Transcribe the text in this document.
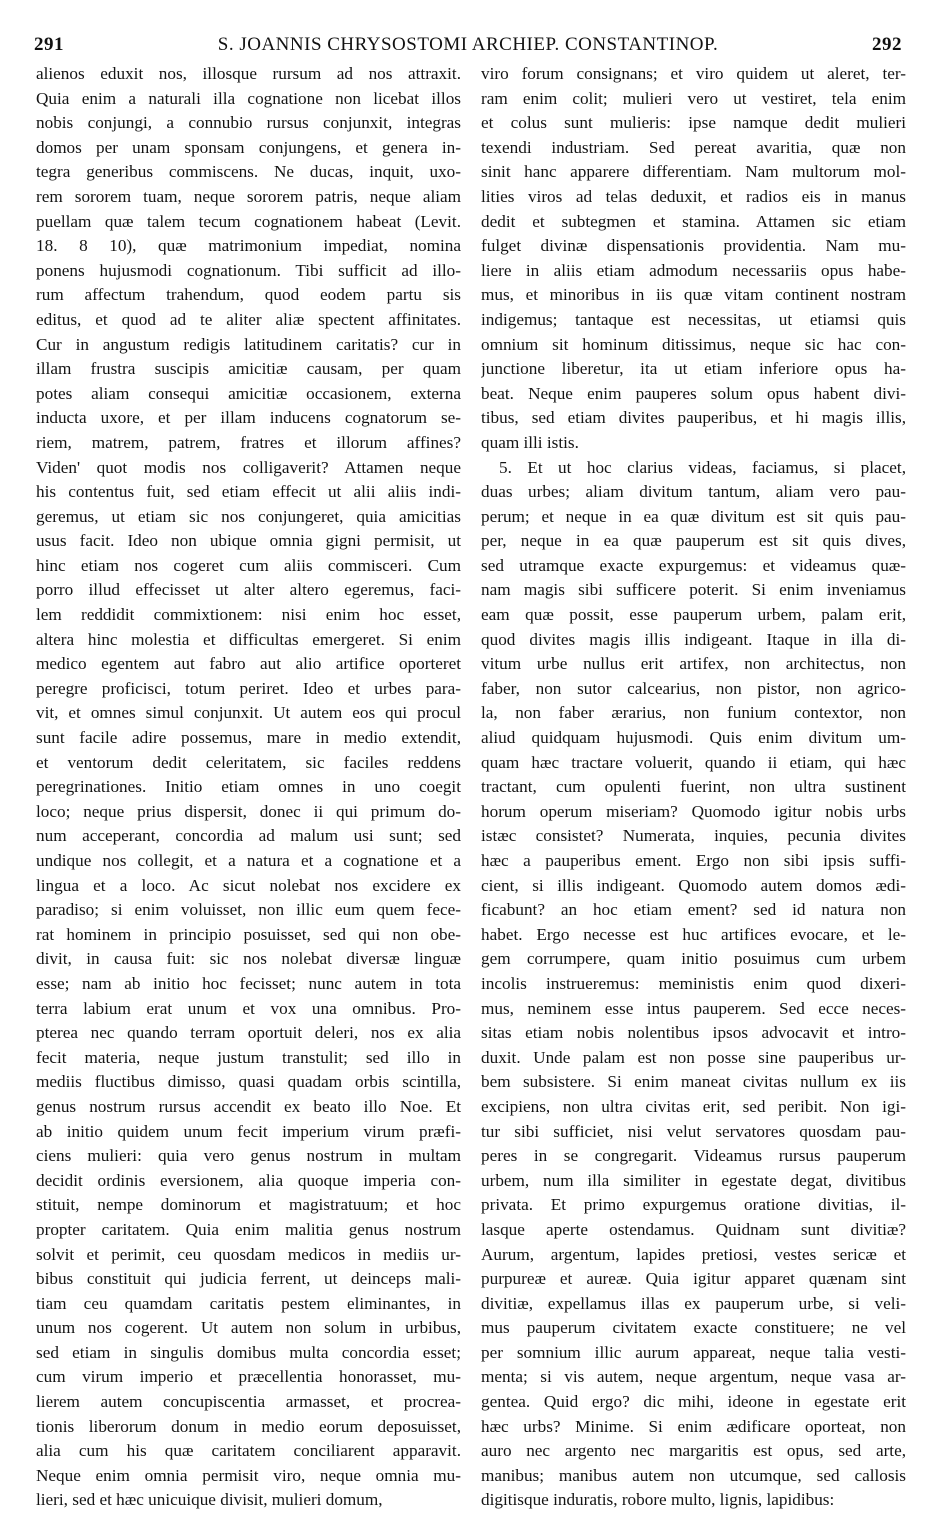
291	S. JOANNIS CHRYSOSTOMI ARCHIEP. CONSTANTINOP.	292
alienos eduxit nos, illosque rursum ad nos attraxit.
Quia enim a naturali illa cognatione non licebat illos
nobis conjungi, a connubio rursus conjunxit, integras
domos per unam sponsam conjungens, et genera in-
tegra generibus commiscens. Ne ducas, inquit, uxo-
rem sororem tuam, neque sororem patris, neque aliam
puellam quæ talem tecum cognationem habeat (Levit.
18. 8 10), quæ matrimonium impediat, nomina
ponens hujusmodi cognationum. Tibi sufficit ad illo-
rum affectum trahendum, quod eodem partu sis
editus, et quod ad te aliter aliæ spectent affinitates.
Cur in angustum redigis latitudinem caritatis? cur in
illam frustra suscipis amicitiæ causam, per quam
potes aliam consequi amicitiæ occasionem, externa
inducta uxore, et per illam inducens cognatorum se-
riem, matrem, patrem, fratres et illorum affines?
Viden' quot modis nos colligaverit? Attamen neque
his contentus fuit, sed etiam effecit ut alii aliis indi-
geremus, ut etiam sic nos conjungeret, quia amicitias
usus facit. Ideo non ubique omnia gigni permisit, ut
hinc etiam nos cogeret cum aliis commisceri. Cum
porro illud effecisset ut alter altero egeremus, faci-
lem reddidit commixtionem: nisi enim hoc esset,
altera hinc molestia et difficultas emergeret. Si enim
medico egentem aut fabro aut alio artifice oporteret
peregre proficisci, totum periret. Ideo et urbes para-
vit, et omnes simul conjunxit. Ut autem eos qui procul
sunt facile adire possemus, mare in medio extendit,
et ventorum dedit celeritatem, sic faciles reddens
peregrinationes. Initio etiam omnes in uno coegit
loco; neque prius dispersit, donec ii qui primum do-
num acceperant, concordia ad malum usi sunt; sed
undique nos collegit, et a natura et a cognatione et a
lingua et a loco. Ac sicut nolebat nos excidere ex
paradiso; si enim voluisset, non illic eum quem fece-
rat hominem in principio posuisset, sed qui non obe-
divit, in causa fuit: sic nos nolebat diversæ linguæ
esse; nam ab initio hoc fecisset; nunc autem in tota
terra labium erat unum et vox una omnibus. Pro-
pterea nec quando terram oportuit deleri, nos ex alia
fecit materia, neque justum transtulit; sed illo in
mediis fluctibus dimisso, quasi quadam orbis scintilla,
genus nostrum rursus accendit ex beato illo Noe. Et
ab initio quidem unum fecit imperium virum præfi-
ciens mulieri: quia vero genus nostrum in multam
decidit ordinis eversionem, alia quoque imperia con-
stituit, nempe dominorum et magistratuum; et hoc
propter caritatem. Quia enim malitia genus nostrum
solvit et perimit, ceu quosdam medicos in mediis ur-
bibus constituit qui judicia ferrent, ut deinceps mali-
tiam ceu quamdam caritatis pestem eliminantes, in
unum nos cogerent. Ut autem non solum in urbibus,
sed etiam in singulis domibus multa concordia esset;
cum virum imperio et præcellentia honorasset, mu-
lierem autem concupiscentia armasset, et procrea-
tionis liberorum donum in medio eorum deposuisset,
alia cum his quæ caritatem conciliarent apparavit.
Neque enim omnia permisit viro, neque omnia mu-
lieri, sed et hæc unicuique divisit, mulieri domum,
viro forum consignans; et viro quidem ut aleret, ter-
ram enim colit; mulieri vero ut vestiret, tela enim
et colus sunt mulieris: ipse namque dedit mulieri
texendi industriam. Sed pereat avaritia, quæ non
sinit hanc apparere differentiam. Nam multorum mol-
lities viros ad telas deduxit, et radios eis in manus
dedit et subtegmen et stamina. Attamen sic etiam
fulget divinæ dispensationis providentia. Nam mu-
liere in aliis etiam admodum necessariis opus habe-
mus, et minoribus in iis quæ vitam continent nostram
indigemus; tantaque est necessitas, ut etiamsi quis
omnium sit hominum ditissimus, neque sic hac con-
junctione liberetur, ita ut etiam inferiore opus ha-
beat. Neque enim pauperes solum opus habent divi-
tibus, sed etiam divites pauperibus, et hi magis illis,
quam illi istis.
5. Et ut hoc clarius videas, faciamus, si placet,
duas urbes; aliam divitum tantum, aliam vero pau-
perum; et neque in ea quæ divitum est sit quis pau-
per, neque in ea quæ pauperum est sit quis dives,
sed utramque exacte expurgemus: et videamus quæ-
nam magis sibi sufficere poterit. Si enim inveniamus
eam quæ possit, esse pauperum urbem, palam erit,
quod divites magis illis indigeant. Itaque in illa di-
vitum urbe nullus erit artifex, non architectus, non
faber, non sutor calcearius, non pistor, non agrico-
la, non faber ærarius, non funium contextor, non
aliud quidquam hujusmodi. Quis enim divitum um-
quam hæc tractare voluerit, quando ii etiam, qui hæc
tractant, cum opulenti fuerint, non ultra sustinent
horum operum miseriam? Quomodo igitur nobis urbs
istæc consistet? Numerata, inquies, pecunia divites
hæc a pauperibus ement. Ergo non sibi ipsis suffi-
cient, si illis indigeant. Quomodo autem domos ædi-
ficabunt? an hoc etiam ement? sed id natura non
habet. Ergo necesse est huc artifices evocare, et le-
gem corrumpere, quam initio posuimus cum urbem
incolis instrueremus: meministis enim quod dixeri-
mus, neminem esse intus pauperem. Sed ecce neces-
sitas etiam nobis nolentibus ipsos advocavit et intro-
duxit. Unde palam est non posse sine pauperibus ur-
bem subsistere. Si enim maneat civitas nullum ex iis
excipiens, non ultra civitas erit, sed peribit. Non igi-
tur sibi sufficiet, nisi velut servatores quosdam pau-
peres in se congregarit. Videamus rursus pauperum
urbem, num illa similiter in egestate degat, divitibus
privata. Et primo expurgemus oratione divitias, il-
lasque aperte ostendamus. Quidnam sunt divitiæ?
Aurum, argentum, lapides pretiosi, vestes sericæ et
purpureæ et aureæ. Quia igitur apparet quænam sint
divitiæ, expellamus illas ex pauperum urbe, si veli-
mus pauperum civitatem exacte constituere; ne vel
per somnium illic aurum appareat, neque talia vesti-
menta; si vis autem, neque argentum, neque vasa ar-
gentea. Quid ergo? dic mihi, ideone in egestate erit
hæc urbs? Minime. Si enim ædificare oporteat, non
auro nec argento nec margaritis est opus, sed arte,
manibus; manibus autem non utcumque, sed callosis
digitisque induratis, robore multo, lignis, lapidibus:
